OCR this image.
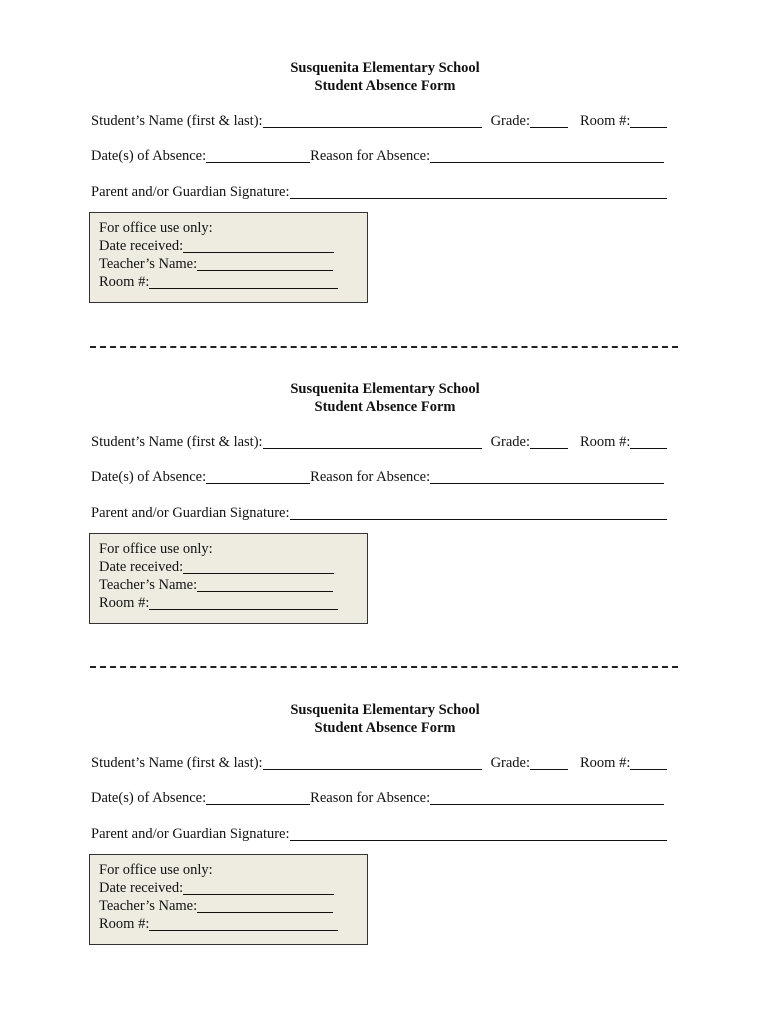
Susquenita Elementary School
Student Absence Form
Student’s Name (first & last):	Grade:	Room #:
Date(s) of Absence:	Reason for Absence:
Parent and/or Guardian Signature:
For office use only:
Date received:
Teacher’s Name:
Room #:
Susquenita Elementary School
Student Absence Form
Student’s Name (first & last):	Grade:	Room #:
Date(s) of Absence:	Reason for Absence:
Parent and/or Guardian Signature:
For office use only:
Date received:
Teacher’s Name:
Room #:
Susquenita Elementary School
Student Absence Form
Student’s Name (first & last):	Grade:	Room #:
Date(s) of Absence:	Reason for Absence:
Parent and/or Guardian Signature:
For office use only:
Date received:
Teacher’s Name:
Room #:
